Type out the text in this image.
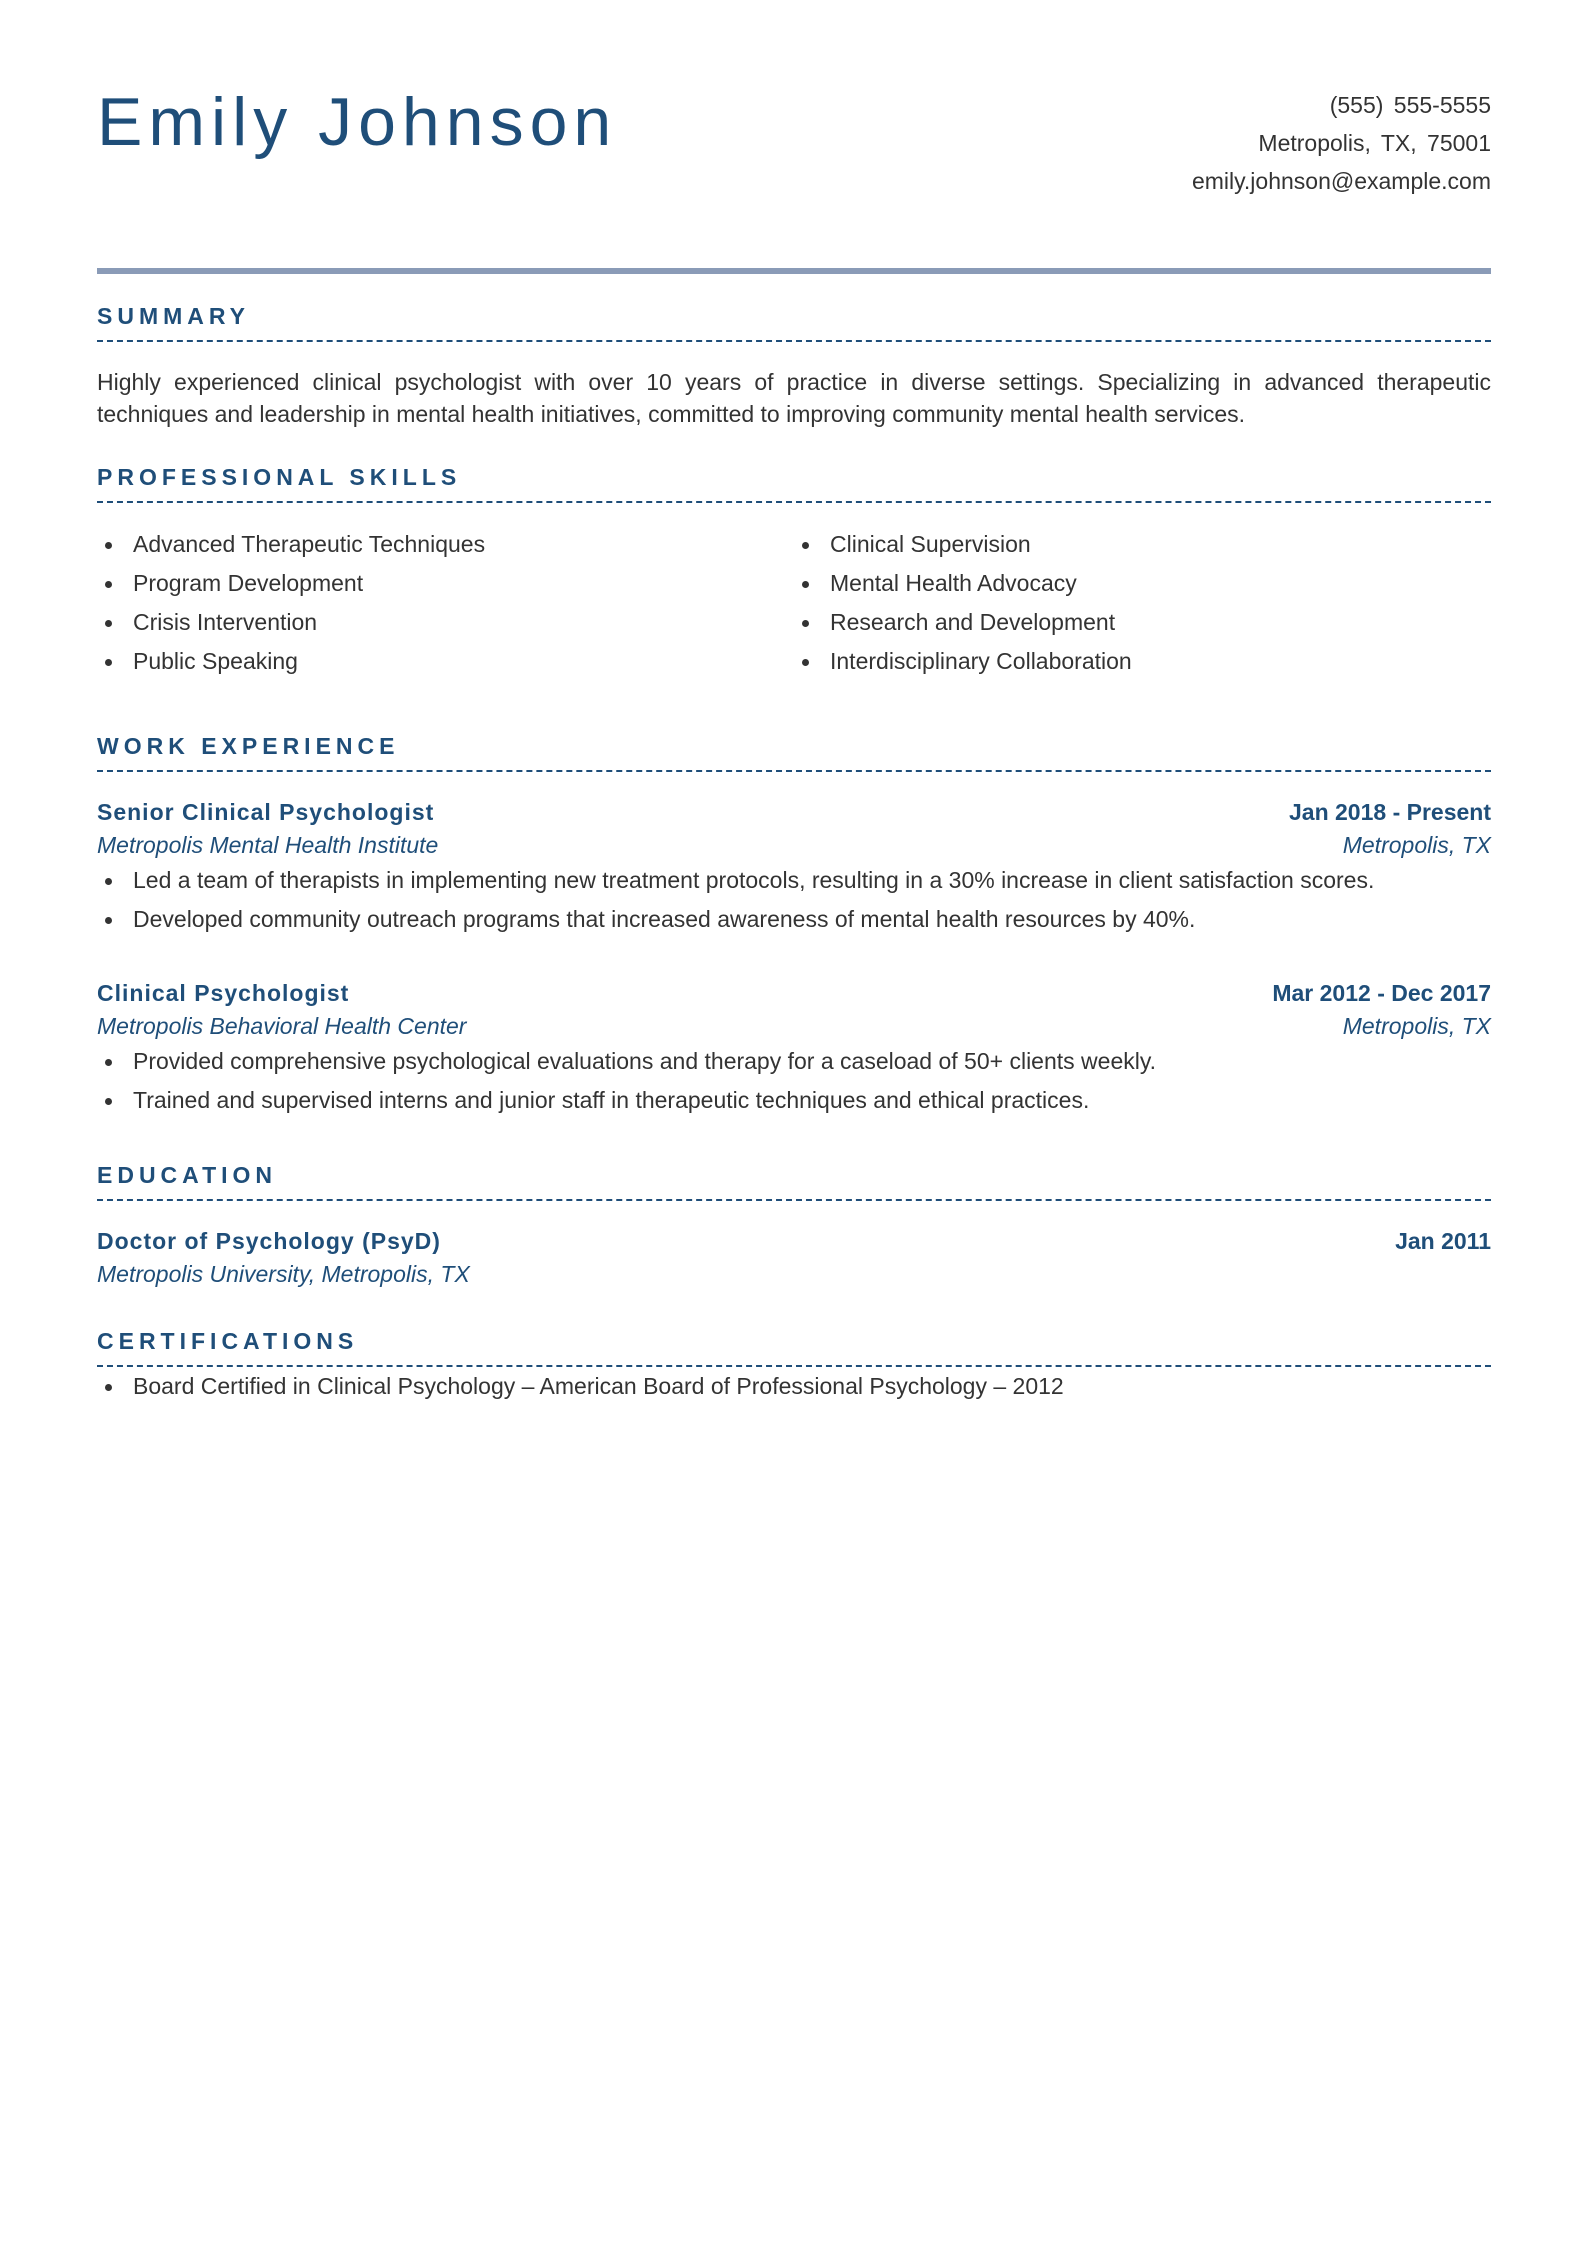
Emily Johnson	(555) 555-5555
Metropolis, TX, 75001
emily.johnson@example.com
SUMMARY

Highly experienced clinical psychologist with over 10 years of practice in diverse settings. Specializing in advanced therapeutic techniques and leadership in mental health initiatives, committed to improving community mental health services.

PROFESSIONAL SKILLS
Advanced Therapeutic Techniques
Program Development
Crisis Intervention
Public Speaking
Clinical Supervision
Mental Health Advocacy
Research and Development
Interdisciplinary Collaboration
WORK EXPERIENCE
Senior Clinical Psychologist	Jan 2018 - Present
Metropolis Mental Health Institute	Metropolis, TX
Led a team of therapists in implementing new treatment protocols, resulting in a 30% increase in client satisfaction scores.
Developed community outreach programs that increased awareness of mental health resources by 40%.
Clinical Psychologist	Mar 2012 - Dec 2017
Metropolis Behavioral Health Center	Metropolis, TX
Provided comprehensive psychological evaluations and therapy for a caseload of 50+ clients weekly.
Trained and supervised interns and junior staff in therapeutic techniques and ethical practices.
EDUCATION
Doctor of Psychology (PsyD)	Jan 2011
Metropolis University, Metropolis, TX
CERTIFICATIONS
Board Certified in Clinical Psychology – American Board of Professional Psychology – 2012
